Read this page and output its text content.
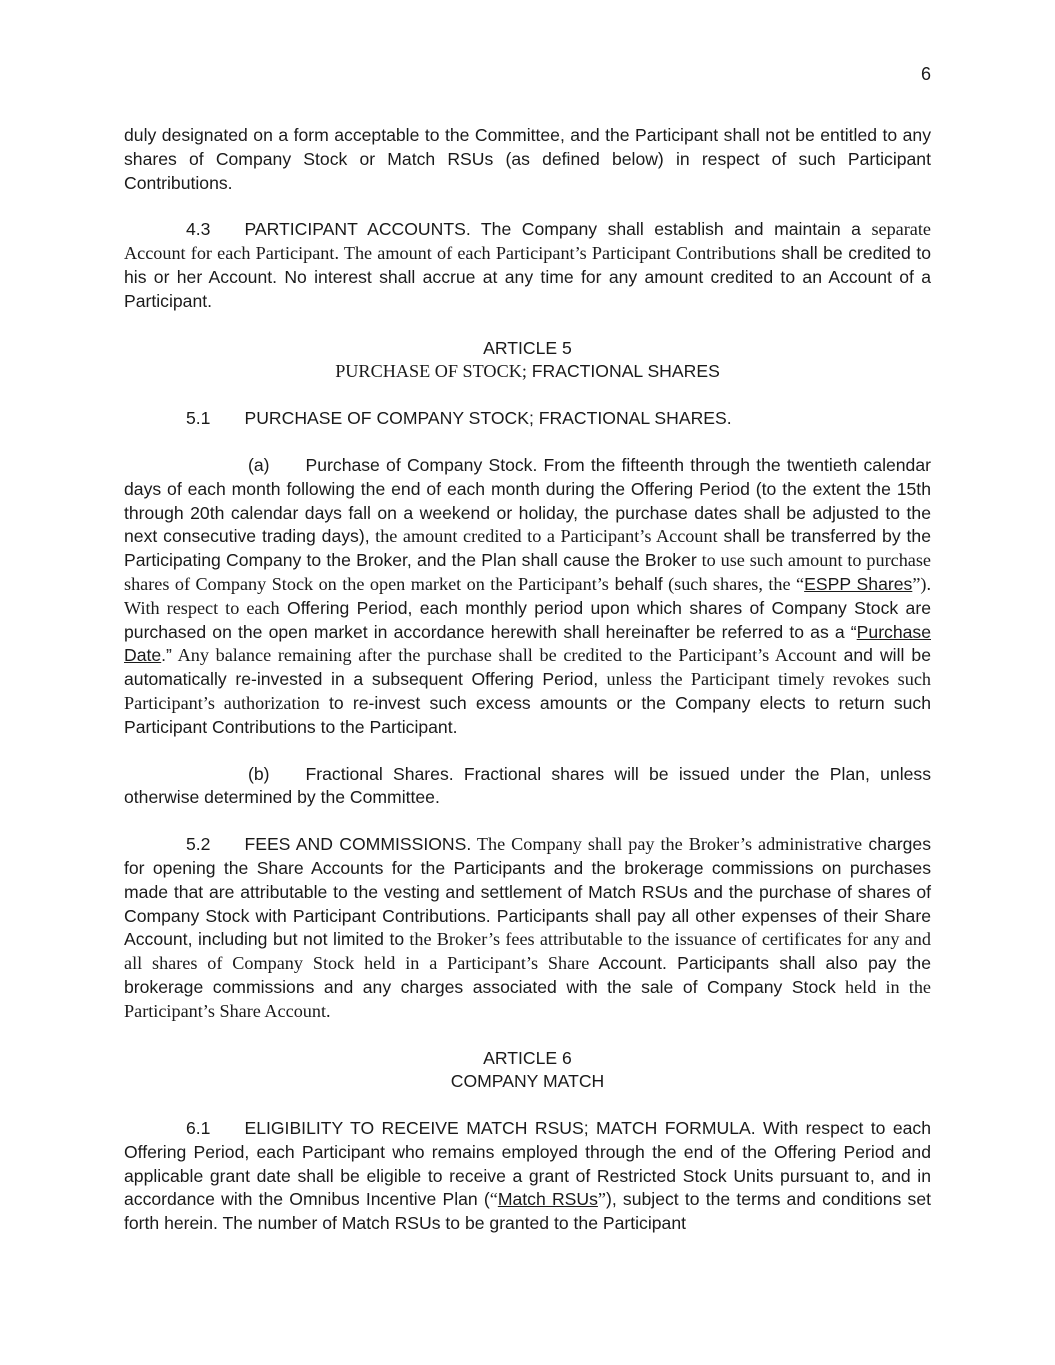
6

duly designated on a form acceptable to the Committee, and the Participant shall not be entitled to any shares of Company Stock or Match RSUs (as defined below) in respect of such Participant Contributions.

4.3 PARTICIPANT ACCOUNTS. The Company shall establish and maintain a separate Account for each Participant. The amount of each Participant’s Participant Contributions shall be credited to his or her Account. No interest shall accrue at any time for any amount credited to an Account of a Participant.

ARTICLE 5
PURCHASE OF STOCK; FRACTIONAL SHARES

5.1 PURCHASE OF COMPANY STOCK; FRACTIONAL SHARES.

(a) Purchase of Company Stock. From the fifteenth through the twentieth calendar days of each month following the end of each month during the Offering Period (to the extent the 15th through 20th calendar days fall on a weekend or holiday, the purchase dates shall be adjusted to the next consecutive trading days), the amount credited to a Participant’s Account shall be transferred by the Participating Company to the Broker, and the Plan shall cause the Broker to use such amount to purchase shares of Company Stock on the open market on the Participant’s behalf (such shares, the “ESPP Shares”). With respect to each Offering Period, each monthly period upon which shares of Company Stock are purchased on the open market in accordance herewith shall hereinafter be referred to as a “Purchase Date.” Any balance remaining after the purchase shall be credited to the Participant’s Account and will be automatically re-invested in a subsequent Offering Period, unless the Participant timely revokes such Participant’s authorization to re-invest such excess amounts or the Company elects to return such Participant Contributions to the Participant.

(b) Fractional Shares. Fractional shares will be issued under the Plan, unless otherwise determined by the Committee.

5.2 FEES AND COMMISSIONS. The Company shall pay the Broker’s administrative charges for opening the Share Accounts for the Participants and the brokerage commissions on purchases made that are attributable to the vesting and settlement of Match RSUs and the purchase of shares of Company Stock with Participant Contributions. Participants shall pay all other expenses of their Share Account, including but not limited to the Broker’s fees attributable to the issuance of certificates for any and all shares of Company Stock held in a Participant’s Share Account. Participants shall also pay the brokerage commissions and any charges associated with the sale of Company Stock held in the Participant’s Share Account.

ARTICLE 6
COMPANY MATCH

6.1 ELIGIBILITY TO RECEIVE MATCH RSUS; MATCH FORMULA. With respect to each Offering Period, each Participant who remains employed through the end of the Offering Period and applicable grant date shall be eligible to receive a grant of Restricted Stock Units pursuant to, and in accordance with the Omnibus Incentive Plan (“Match RSUs”), subject to the terms and conditions set forth herein. The number of Match RSUs to be granted to the Participant
